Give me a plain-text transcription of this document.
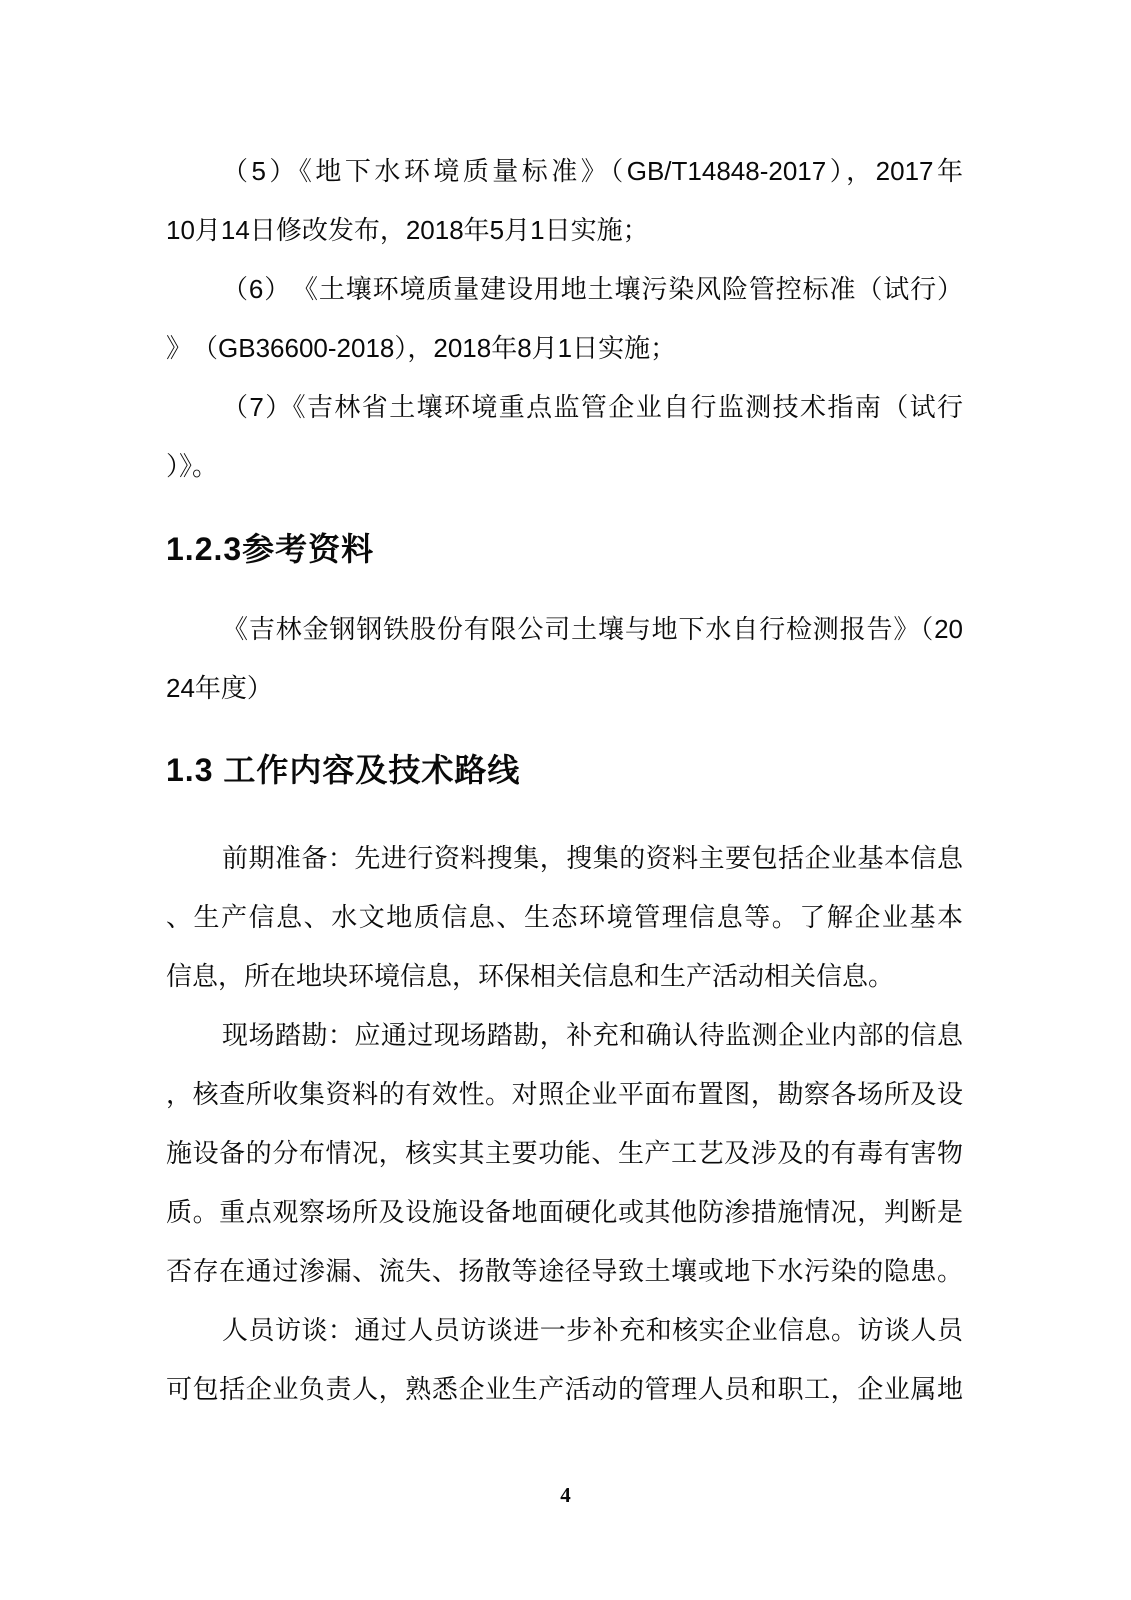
（5）《地下水环境质量标准》（GB/T14848-2017），2017年
10月14日修改发布，2018年5月1日实施；
（6）　《土壤环境质量建设用地土壤污染风险管控标准（试行）
》　（GB36600-2018），2018年8月1日实施；
（7）《吉林省土壤环境重点监管企业自行监测技术指南（试行
）》。
1.2.3参考资料
《吉林金钢钢铁股份有限公司土壤与地下水自行检测报告》（20
24年度）
1.3 工作内容及技术路线
前期准备：先进行资料搜集，搜集的资料主要包括企业基本信息
、生产信息、水文地质信息、生态环境管理信息等。了解企业基本
信息，所在地块环境信息，环保相关信息和生产活动相关信息。
现场踏勘：应通过现场踏勘，补充和确认待监测企业内部的信息
，核查所收集资料的有效性。对照企业平面布置图，勘察各场所及设
施设备的分布情况，核实其主要功能、生产工艺及涉及的有毒有害物
质。重点观察场所及设施设备地面硬化或其他防渗措施情况，判断是
否存在通过渗漏、流失、扬散等途径导致土壤或地下水污染的隐患。
人员访谈：通过人员访谈进一步补充和核实企业信息。访谈人员
可包括企业负责人，熟悉企业生产活动的管理人员和职工，企业属地
4
